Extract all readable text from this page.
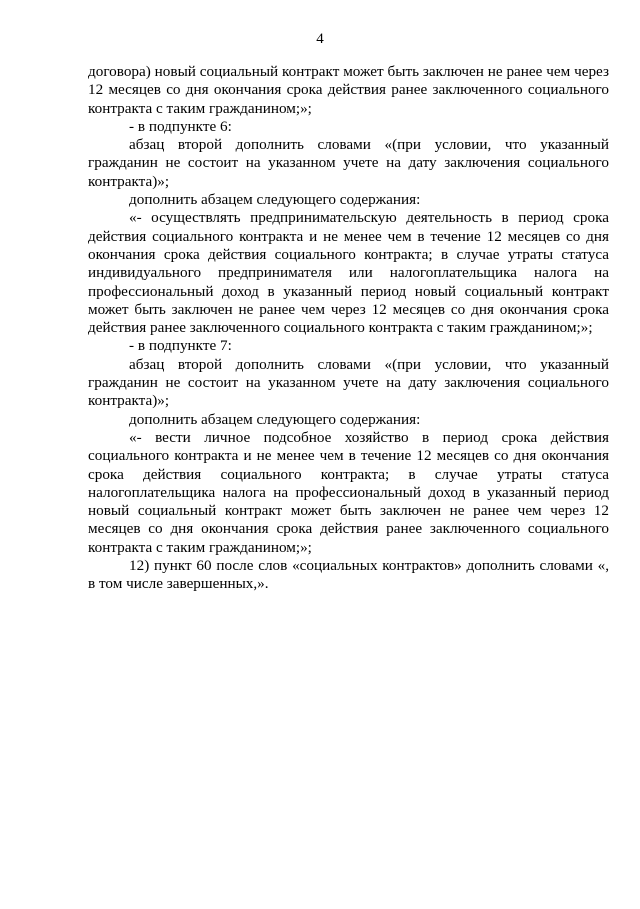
4

договора) новый социальный контракт может быть заключен не ранее чем через 12 месяцев со дня окончания срока действия ранее заключенного социального контракта с таким гражданином;»;

- в подпункте 6:

абзац второй дополнить словами «(при условии, что указанный гражданин не состоит на указанном учете на дату заключения социального контракта)»;

дополнить абзацем следующего содержания:

«- осуществлять предпринимательскую деятельность в период срока действия социального контракта и не менее чем в течение 12 месяцев со дня окончания срока действия социального контракта; в случае утраты статуса индивидуального предпринимателя или налогоплательщика налога на профессиональный доход в указанный период новый социальный контракт может быть заключен не ранее чем через 12 месяцев со дня окончания срока действия ранее заключенного социального контракта с таким гражданином;»;

- в подпункте 7:

абзац второй дополнить словами «(при условии, что указанный гражданин не состоит на указанном учете на дату заключения социального контракта)»;

дополнить абзацем следующего содержания:

«- вести личное подсобное хозяйство в период срока действия социального контракта и не менее чем в течение 12 месяцев со дня окончания срока действия социального контракта; в случае утраты статуса налогоплательщика налога на профессиональный доход в указанный период новый социальный контракт может быть заключен не ранее чем через 12 месяцев со дня окончания срока действия ранее заключенного социального контракта с таким гражданином;»;

12) пункт 60 после слов «социальных контрактов» дополнить словами «, в том числе завершенных,».
